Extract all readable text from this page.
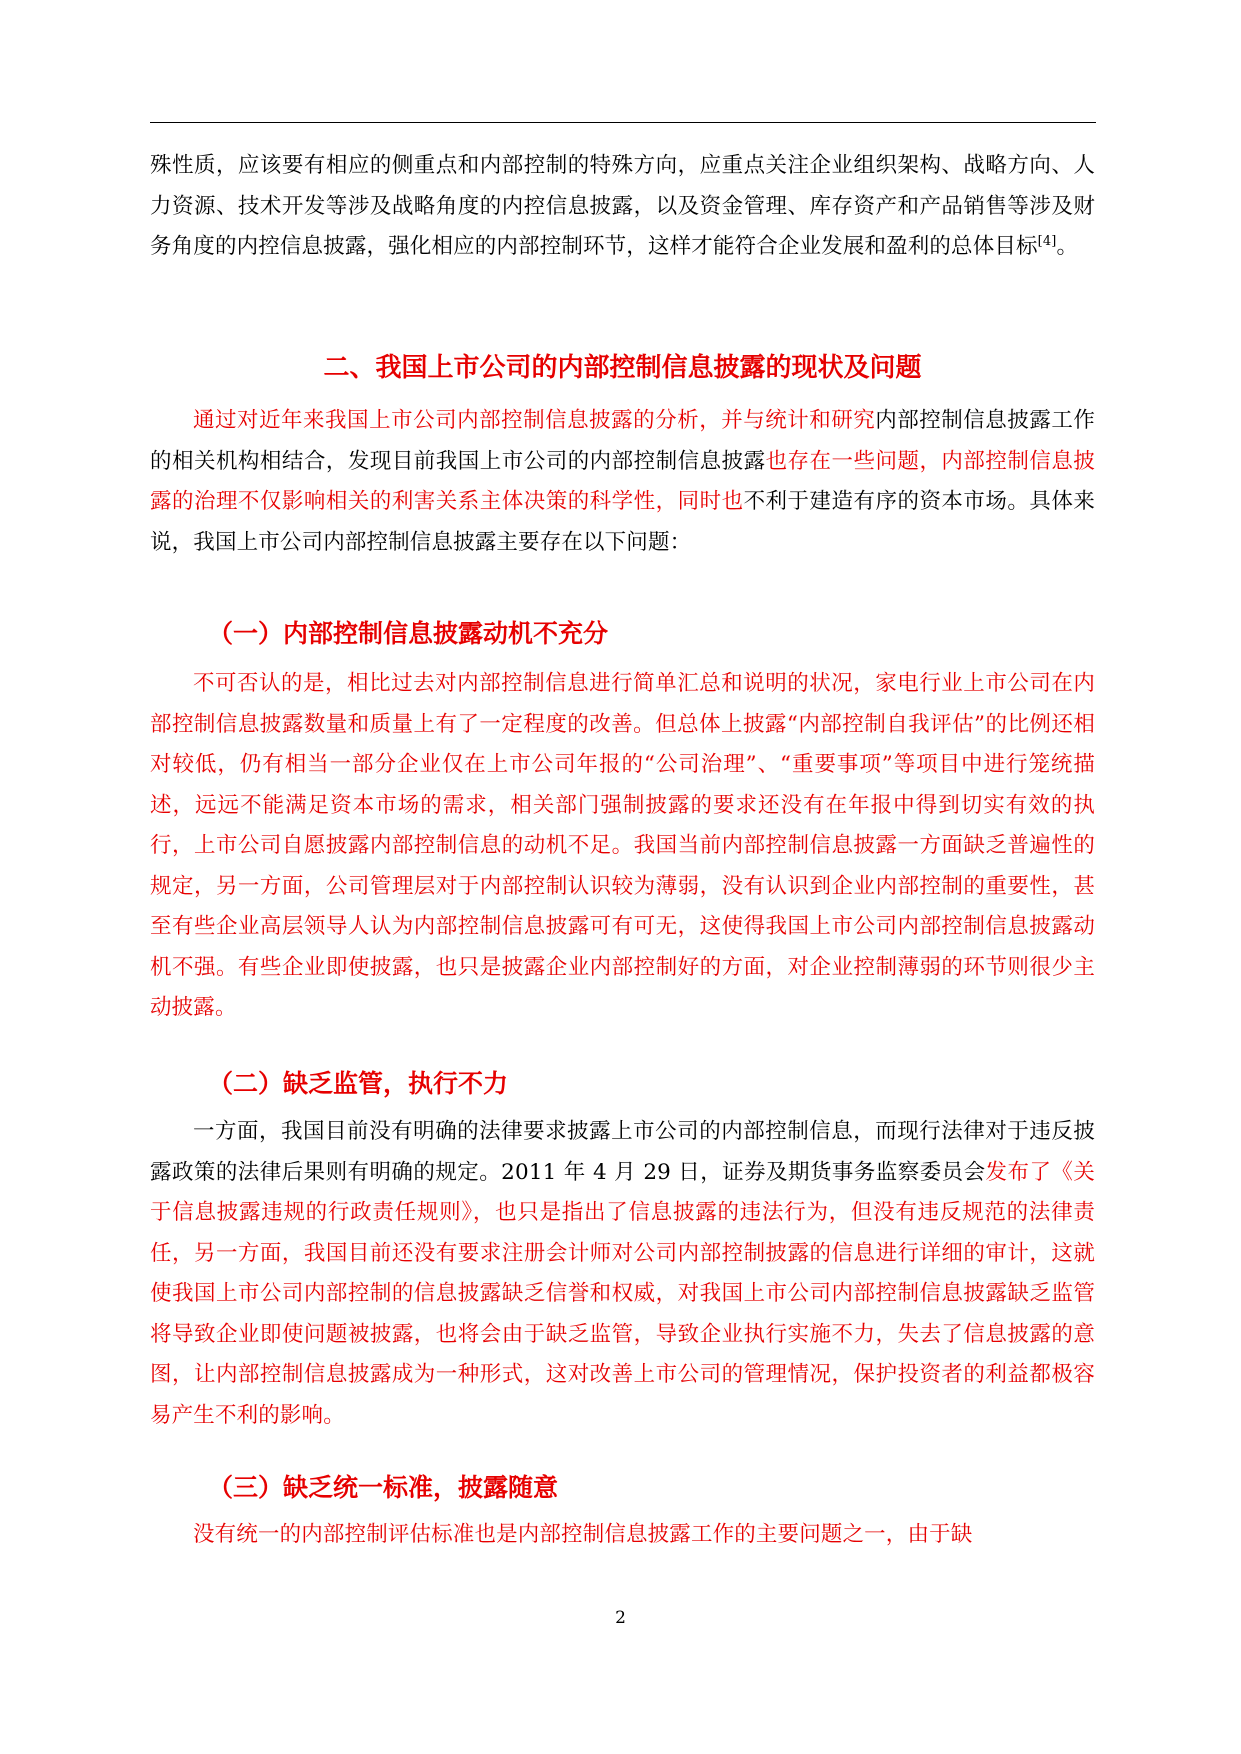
殊性质，应该要有相应的侧重点和内部控制的特殊方向，应重点关注企业组织架构、战略方向、人力资源、技术开发等涉及战略角度的内控信息披露，以及资金管理、库存资产和产品销售等涉及财务角度的内控信息披露，强化相应的内部控制环节，这样才能符合企业发展和盈利的总体目标[4]。

二、我国上市公司的内部控制信息披露的现状及问题

通过对近年来我国上市公司内部控制信息披露的分析，并与统计和研究内部控制信息披露工作的相关机构相结合，发现目前我国上市公司的内部控制信息披露也存在一些问题，内部控制信息披露的治理不仅影响相关的利害关系主体决策的科学性，同时也不利于建造有序的资本市场。具体来说，我国上市公司内部控制信息披露主要存在以下问题：

（一）内部控制信息披露动机不充分

不可否认的是，相比过去对内部控制信息进行简单汇总和说明的状况，家电行业上市公司在内部控制信息披露数量和质量上有了一定程度的改善。但总体上披露“内部控制自我评估”的比例还相对较低，仍有相当一部分企业仅在上市公司年报的“公司治理”、“重要事项”等项目中进行笼统描述，远远不能满足资本市场的需求，相关部门强制披露的要求还没有在年报中得到切实有效的执行，上市公司自愿披露内部控制信息的动机不足。我国当前内部控制信息披露一方面缺乏普遍性的规定，另一方面，公司管理层对于内部控制认识较为薄弱，没有认识到企业内部控制的重要性，甚至有些企业高层领导人认为内部控制信息披露可有可无，这使得我国上市公司内部控制信息披露动机不强。有些企业即使披露，也只是披露企业内部控制好的方面，对企业控制薄弱的环节则很少主动披露。

（二）缺乏监管，执行不力

一方面，我国目前没有明确的法律要求披露上市公司的内部控制信息，而现行法律对于违反披露政策的法律后果则有明确的规定。2011 年 4 月 29 日，证券及期货事务监察委员会发布了《关于信息披露违规的行政责任规则》，也只是指出了信息披露的违法行为，但没有违反规范的法律责任，另一方面，我国目前还没有要求注册会计师对公司内部控制披露的信息进行详细的审计，这就使我国上市公司内部控制的信息披露缺乏信誉和权威，对我国上市公司内部控制信息披露缺乏监管将导致企业即使问题被披露，也将会由于缺乏监管，导致企业执行实施不力，失去了信息披露的意图，让内部控制信息披露成为一种形式，这对改善上市公司的管理情况，保护投资者的利益都极容易产生不利的影响。

（三）缺乏统一标准，披露随意

没有统一的内部控制评估标准也是内部控制信息披露工作的主要问题之一，由于缺

2
